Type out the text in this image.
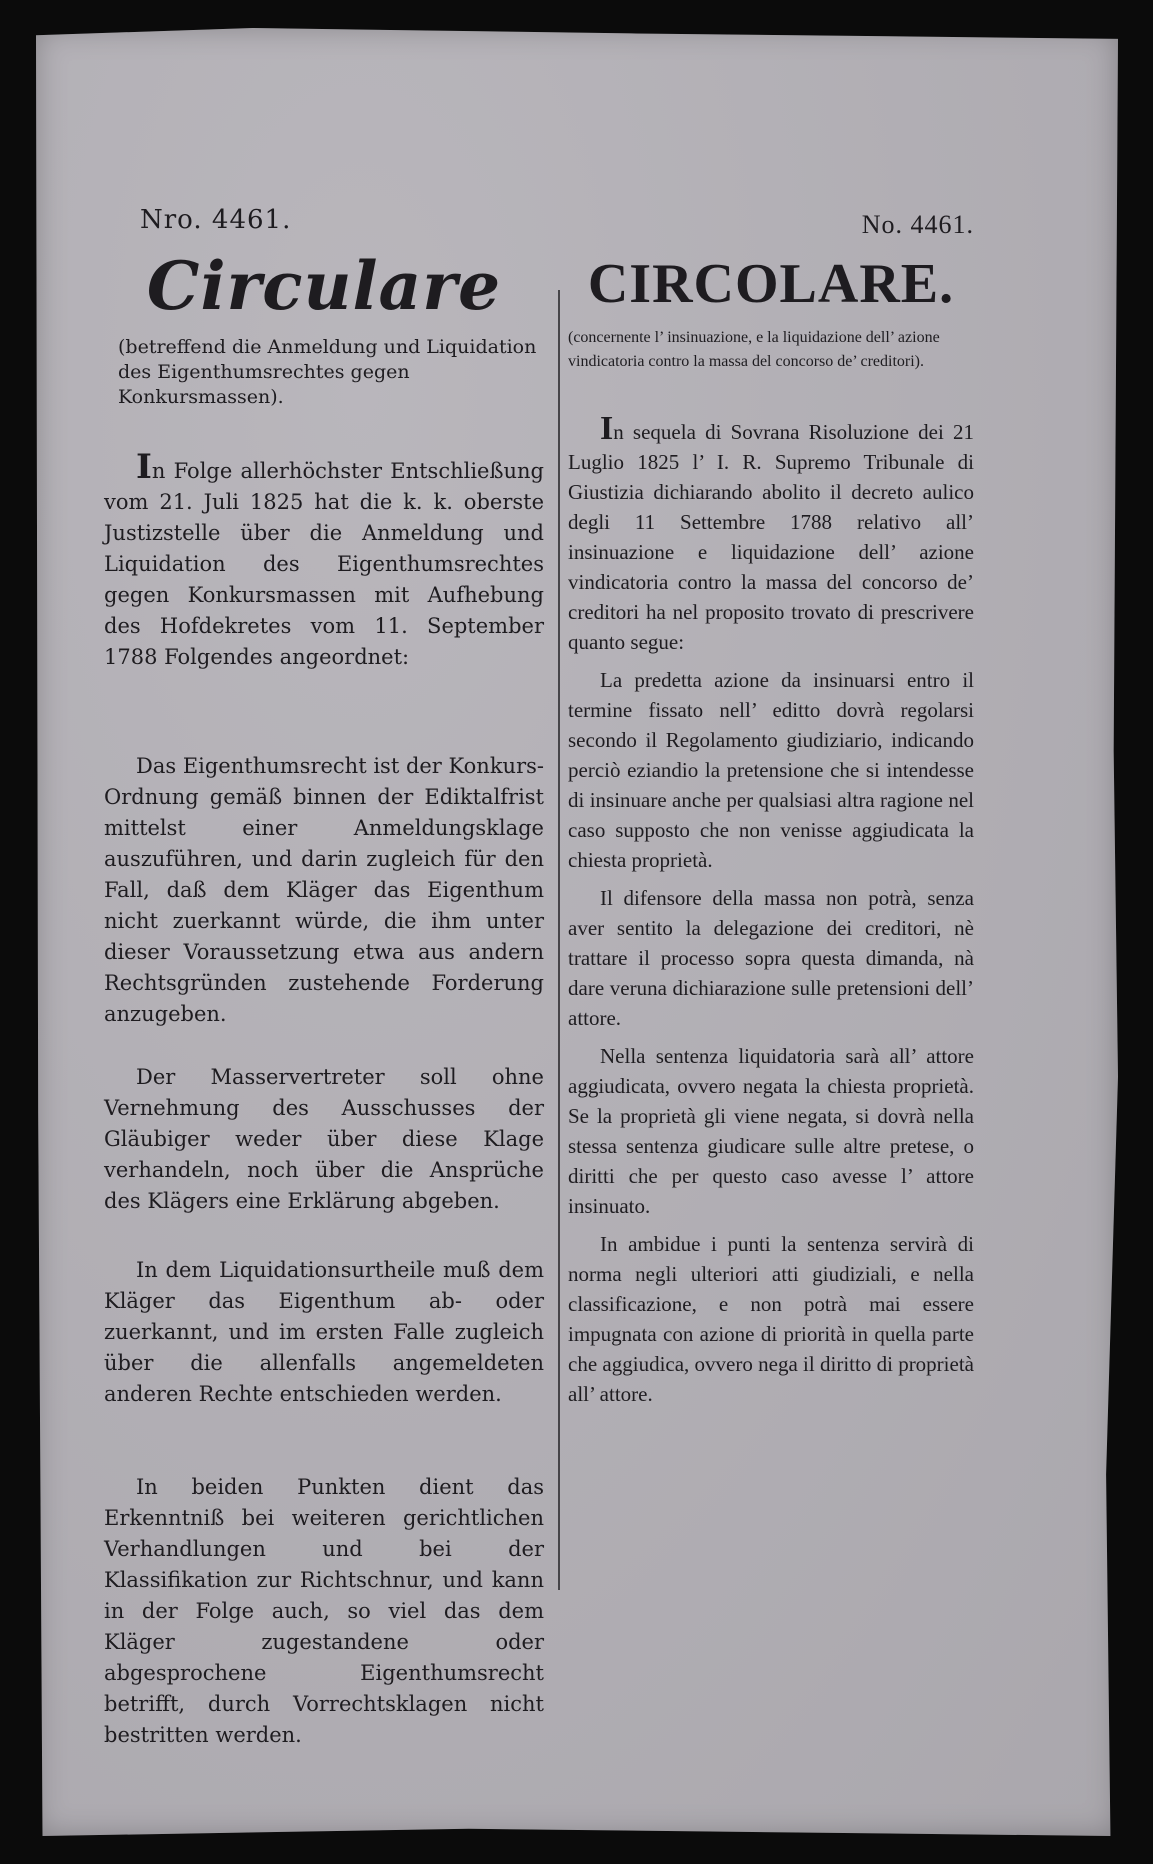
Nro. 4461.
Circulare
(betreffend die Anmeldung und Liquidation des Eigenthumsrechtes gegen Konkursmassen).

In Folge allerhöchster Entschließung vom 21. Juli 1825 hat die k. k. oberste Justizstelle über die Anmeldung und Liquidation des Eigenthumsrechtes gegen Konkursmassen mit Aufhebung des Hofdekretes vom 11. September 1788 Folgendes angeordnet:

Das Eigenthumsrecht ist der Konkurs-Ordnung gemäß binnen der Ediktalfrist mittelst einer Anmeldungsklage auszuführen, und darin zugleich für den Fall, daß dem Kläger das Eigenthum nicht zuerkannt würde, die ihm unter dieser Voraussetzung etwa aus andern Rechtsgründen zustehende Forderung anzugeben.

Der Masservertreter soll ohne Vernehmung des Ausschusses der Gläubiger weder über diese Klage verhandeln, noch über die Ansprüche des Klägers eine Erklärung abgeben.

In dem Liquidationsurtheile muß dem Kläger das Eigenthum ab- oder zuerkannt, und im ersten Falle zugleich über die allenfalls angemeldeten anderen Rechte entschieden werden.

In beiden Punkten dient das Erkenntniß bei weiteren gerichtlichen Verhandlungen und bei der Klassifikation zur Richtschnur, und kann in der Folge auch, so viel das dem Kläger zugestandene oder abgesprochene Eigenthumsrecht betrifft, durch Vorrechtsklagen nicht bestritten werden.

No. 4461.
CIRCOLARE.
(concernente l’ insinuazione, e la liquidazione dell’ azione vindicatoria contro la massa del concorso de’ creditori).

In sequela di Sovrana Risoluzione dei 21 Luglio 1825 l’ I. R. Supremo Tribunale di Giustizia dichiarando abolito il decreto aulico degli 11 Settembre 1788 relativo all’ insinuazione e liquidazione dell’ azione vindicatoria contro la massa del concorso de’ creditori ha nel proposito trovato di prescrivere quanto segue:

La predetta azione da insinuarsi entro il termine fissato nell’ editto dovrà regolarsi secondo il Regolamento giudiziario, indicando perciò eziandio la pretensione che si intendesse di insinuare anche per qualsiasi altra ragione nel caso supposto che non venisse aggiudicata la chiesta proprietà.

Il difensore della massa non potrà, senza aver sentito la delegazione dei creditori, nè trattare il processo sopra questa dimanda, nà dare veruna dichiarazione sulle pretensioni dell’ attore.

Nella sentenza liquidatoria sarà all’ attore aggiudicata, ovvero negata la chiesta proprietà. Se la proprietà gli viene negata, si dovrà nella stessa sentenza giudicare sulle altre pretese, o diritti che per questo caso avesse l’ attore insinuato.

In ambidue i punti la sentenza servirà di norma negli ulteriori atti giudiziali, e nella classificazione, e non potrà mai essere impugnata con azione di priorità in quella parte che aggiudica, ovvero nega il diritto di proprietà all’ attore.
